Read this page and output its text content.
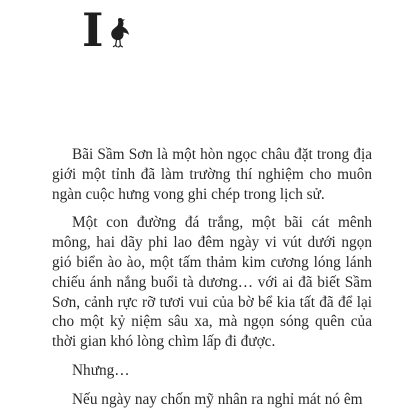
I

Bãi Sầm Sơn là một hòn ngọc châu đặt trong địa giới một tỉnh đã làm trường thí nghiệm cho muôn ngàn cuộc hưng vong ghi chép trong lịch sử.

Một con đường đá trắng, một bãi cát mênh mông, hai dãy phi lao đêm ngày vi vút dưới ngọn gió biển ào ào, một tấm thảm kim cương lóng lánh chiếu ánh nắng buổi tà dương… với ai đã biết Sầm Sơn, cảnh rực rỡ tươi vui của bờ bể kia tất đã để lại cho một kỷ niệm sâu xa, mà ngọn sóng quên của thời gian khó lòng chìm lấp đi được.

Nhưng…

Nếu ngày nay chốn mỹ nhân ra nghỉ mát nó êm
